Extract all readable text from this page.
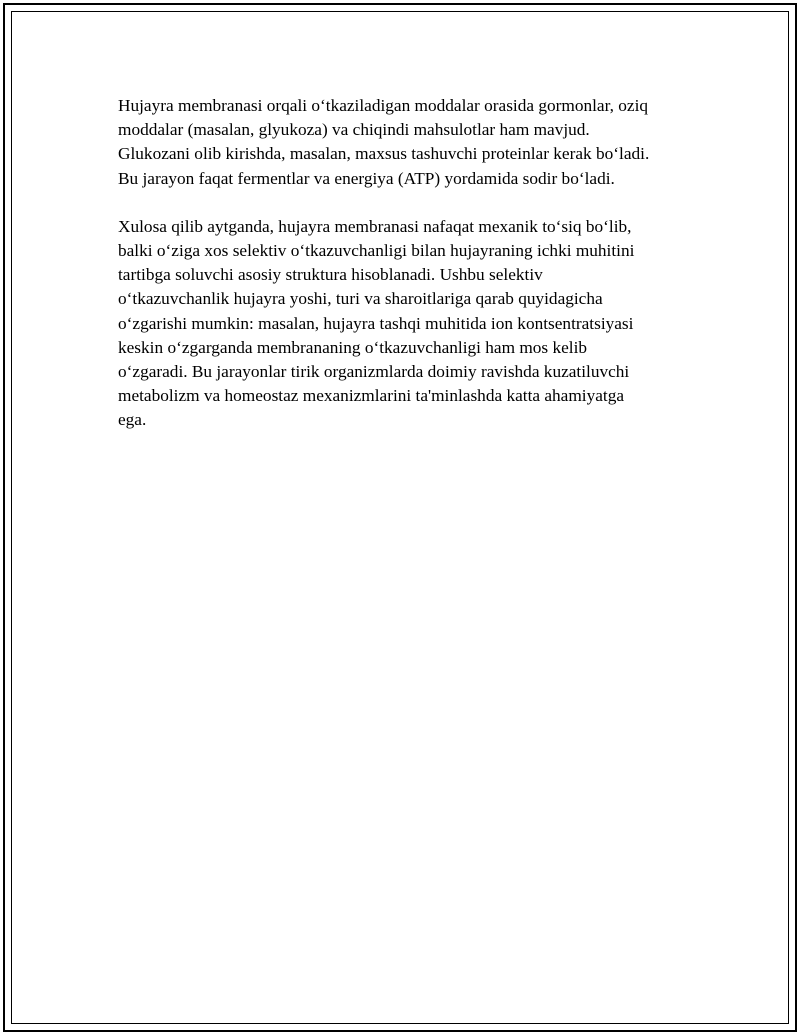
Hujayra membranasi orqali o‘tkaziladigan moddalar orasida gormonlar, oziq
moddalar (masalan, glyukoza) va chiqindi mahsulotlar ham mavjud.
Glukozani olib kirishda, masalan, maxsus tashuvchi proteinlar kerak bo‘ladi.
Bu jarayon faqat fermentlar va energiya (ATP) yordamida sodir bo‘ladi.

Xulosa qilib aytganda, hujayra membranasi nafaqat mexanik to‘siq bo‘lib,
balki o‘ziga xos selektiv o‘tkazuvchanligi bilan hujayraning ichki muhitini
tartibga soluvchi asosiy struktura hisoblanadi. Ushbu selektiv
o‘tkazuvchanlik hujayra yoshi, turi va sharoitlariga qarab quyidagicha
o‘zgarishi mumkin: masalan, hujayra tashqi muhitida ion kontsentratsiyasi
keskin o‘zgarganda membrananing o‘tkazuvchanligi ham mos kelib
o‘zgaradi. Bu jarayonlar tirik organizmlarda doimiy ravishda kuzatiluvchi
metabolizm va homeostaz mexanizmlarini ta'minlashda katta ahamiyatga
ega.
